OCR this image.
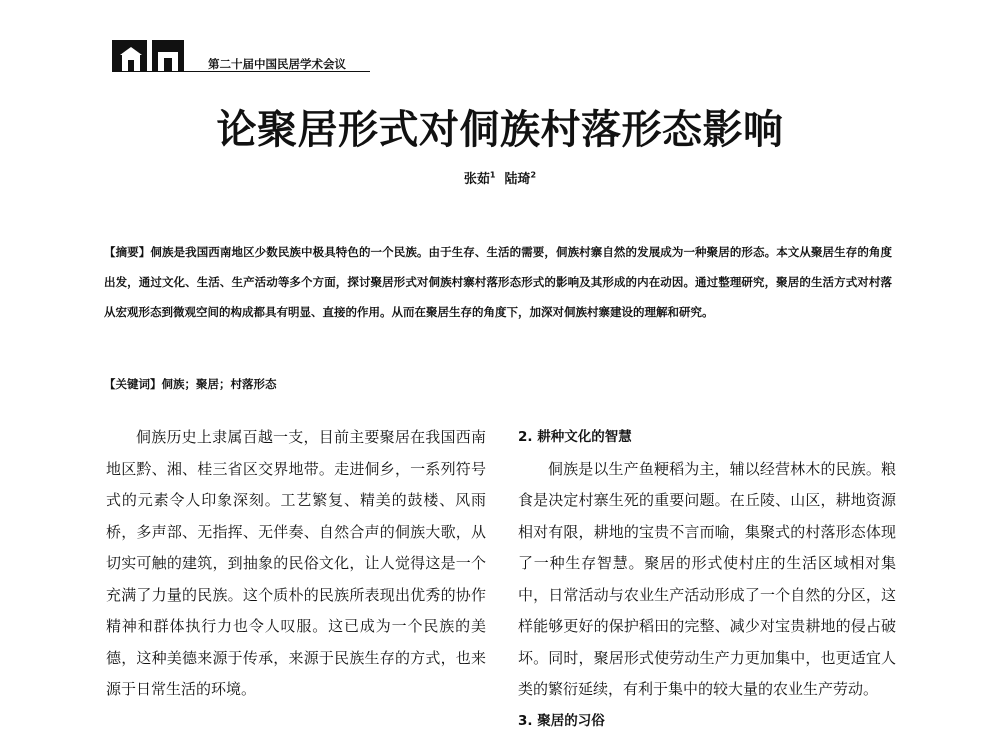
第二十届中国民居学术会议
论聚居形式对侗族村落形态影响
张茹$^1$ 陆琦$^2$

【摘要】侗族是我国西南地区少数民族中极具特色的一个民族。由于生存、生活的需要，侗族村寨自然的发展成为一种聚居的形态。本文从聚居生存的角度出发，通过文化、生活、生产活动等多个方面，探讨聚居形式对侗族村寨村落形态形式的影响及其形成的内在动因。通过整理研究，聚居的生活方式对村落从宏观形态到微观空间的构成都具有明显、直接的作用。从而在聚居生存的角度下，加深对侗族村寨建设的理解和研究。

【关键词】侗族；聚居；村落形态

侗族历史上隶属百越一支，目前主要聚居在我国西南地区黔、湘、桂三省区交界地带。走进侗乡，一系列符号式的元素令人印象深刻。工艺繁复、精美的鼓楼、风雨桥，多声部、无指挥、无伴奏、自然合声的侗族大歌，从切实可触的建筑，到抽象的民俗文化，让人觉得这是一个充满了力量的民族。这个质朴的民族所表现出优秀的协作精神和群体执行力也令人叹服。这已成为一个民族的美德，这种美德来源于传承，来源于民族生存的方式，也来源于日常生活的环境。

2. 耕种文化的智慧

侗族是以生产鱼粳稻为主，辅以经营林木的民族。粮食是决定村寨生死的重要问题。在丘陵、山区，耕地资源相对有限，耕地的宝贵不言而喻，集聚式的村落形态体现了一种生存智慧。聚居的形式使村庄的生活区域相对集中，日常活动与农业生产活动形成了一个自然的分区，这样能够更好的保护稻田的完整、减少对宝贵耕地的侵占破坏。同时，聚居形式使劳动生产力更加集中，也更适宜人类的繁衍延续，有利于集中的较大量的农业生产劳动。

3. 聚居的习俗
